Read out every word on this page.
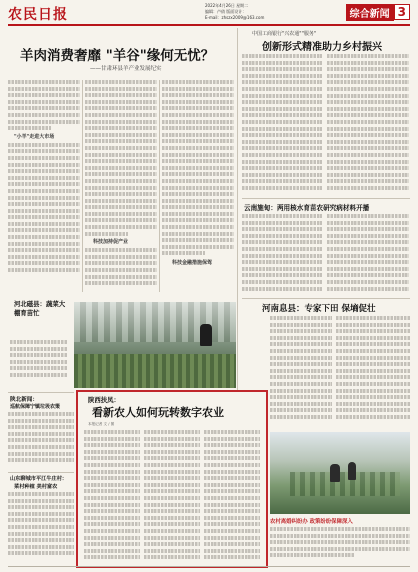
农民日报
2022年4月26日 星期二
编辑：卢倩 版面设计：
E-mail：zhszx2009@163.com	综合新闻 3
羊肉消费奢靡 "羊谷"缘何无忧？
——甘肃环县羊产业发展纪实
"小羊"走进大市场
科技加持促产业
科技金融措施保驾
中国工商银行"兴农通""服务"
创新形式精准助力乡村振兴
云南施甸：两用核水育苗农研究病材料开播
河南息县：专家下田 保墒促壮
农村离婚纠纷办 政策纷纷保障深入
河北磁县：蔬菜大棚育苗忙
陕北新闻：
巡航保障宁镇垃圾农策
山东聊城市平江牛庄村：
菜村种植 美村富农
陕西扶凤：
看新农人如何玩转数字农业
本报记者 文 / 图
